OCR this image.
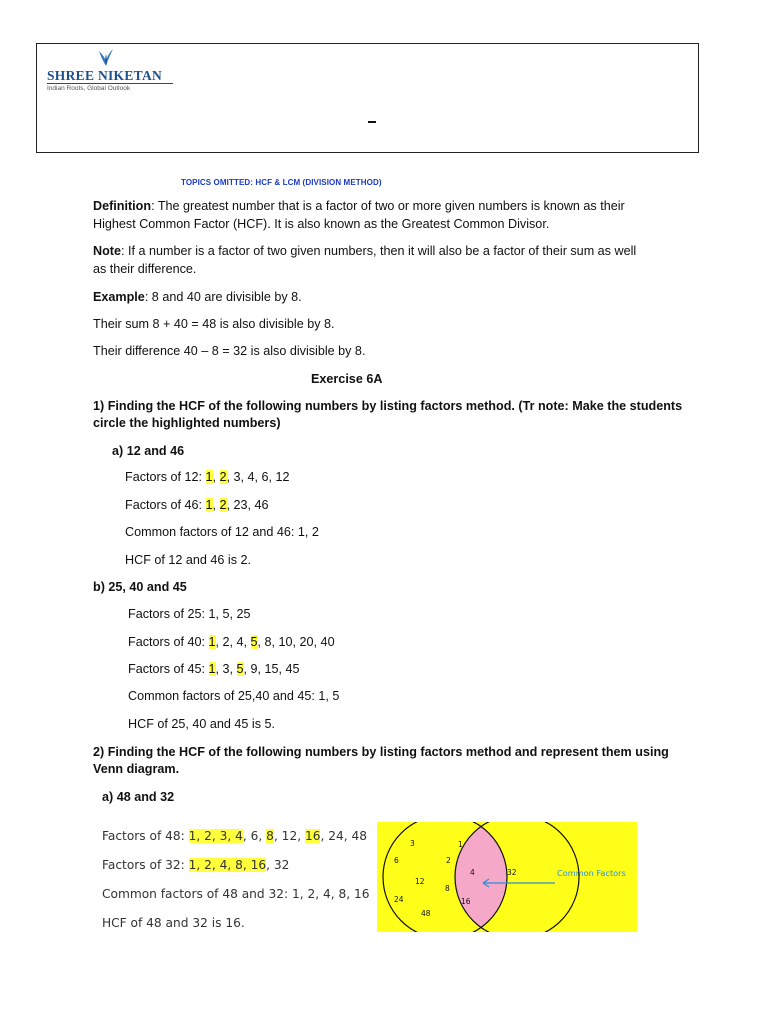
SHREE NIKETAN
Indian Roots, Global Outlook
TOPICS OMITTED: HCF & LCM (DIVISION METHOD)
Definition: The greatest number that is a factor of two or more given numbers is known as their
Highest Common Factor (HCF). It is also known as the Greatest Common Divisor.
Note: If a number is a factor of two given numbers, then it will also be a factor of their sum as well
as their difference.
Example: 8 and 40 are divisible by 8.
Their sum 8 + 40 = 48 is also divisible by 8.
Their difference 40 – 8 = 32 is also divisible by 8.
Exercise 6A
1) Finding the HCF of the following numbers by listing factors method. (Tr note: Make the students
circle the highlighted numbers)
a) 12 and 46
Factors of 12: 1, 2, 3, 4, 6, 12
Factors of 46: 1, 2, 23, 46
Common factors of 12 and 46: 1, 2
HCF of 12 and 46 is 2.
b) 25, 40 and 45
Factors of 25: 1, 5, 25
Factors of 40: 1, 2, 4, 5, 8, 10, 20, 40
Factors of 45: 1, 3, 5, 9, 15, 45
Common factors of 25,40 and 45: 1, 5
HCF of 25, 40 and 45 is 5.
2) Finding the HCF of the following numbers by listing factors method and represent them using
Venn diagram.
a) 48 and 32
Factors of 48: 1, 2, 3, 4, 6, 8, 12, 16, 24, 48
Factors of 32: 1, 2, 4, 8, 16, 32
Common factors of 48 and 32: 1, 2, 4, 8, 16
HCF of 48 and 32 is 16.
3
6
12
24
48
1
2
4
8
16
32	Common Factors
